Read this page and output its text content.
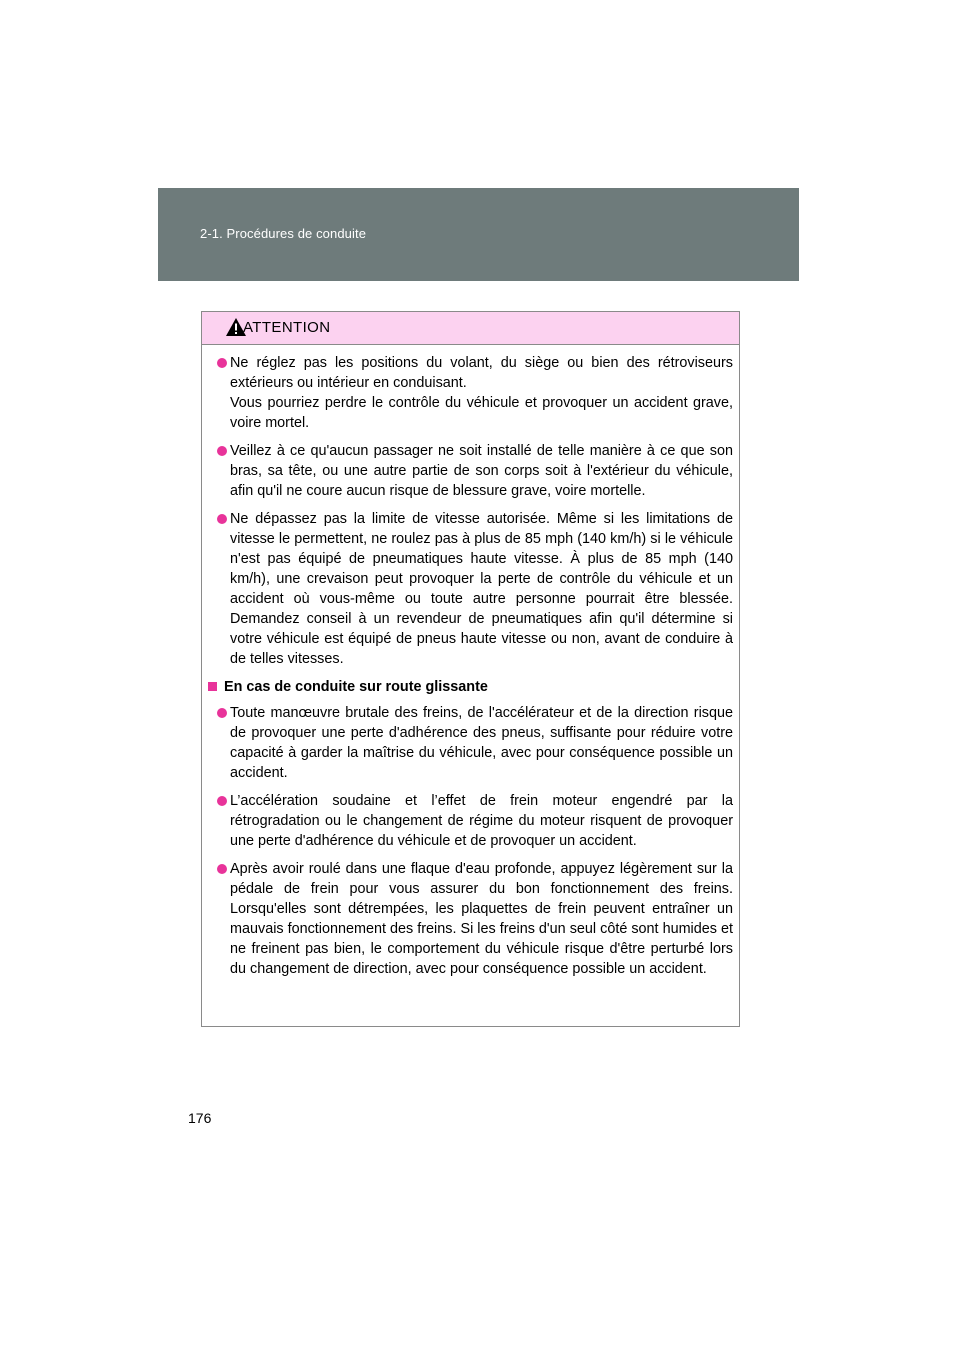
2-1. Procédures de conduite
ATTENTION
Ne réglez pas les positions du volant, du siège ou bien des rétroviseurs extérieurs ou intérieur en conduisant.
Vous pourriez perdre le contrôle du véhicule et provoquer un accident grave, voire mortel.
Veillez à ce qu'aucun passager ne soit installé de telle manière à ce que son bras, sa tête, ou une autre partie de son corps soit à l'extérieur du véhicule, afin qu'il ne coure aucun risque de blessure grave, voire mortelle.
Ne dépassez pas la limite de vitesse autorisée. Même si les limitations de vitesse le permettent, ne roulez pas à plus de 85 mph (140 km/h) si le véhicule n'est pas équipé de pneumatiques haute vitesse. À plus de 85 mph (140 km/h), une crevaison peut provoquer la perte de contrôle du véhicule et un accident où vous-même ou toute autre personne pourrait être blessée. Demandez conseil à un revendeur de pneumatiques afin qu'il détermine si votre véhicule est équipé de pneus haute vitesse ou non, avant de conduire à de telles vitesses.
En cas de conduite sur route glissante
Toute manœuvre brutale des freins, de l'accélérateur et de la direction risque de provoquer une perte d'adhérence des pneus, suffisante pour réduire votre capacité à garder la maîtrise du véhicule, avec pour conséquence possible un accident.
L’accélération soudaine et l’effet de frein moteur engendré par la rétrogradation ou le changement de régime du moteur risquent de provoquer une perte d'adhérence du véhicule et de provoquer un accident.
Après avoir roulé dans une flaque d'eau profonde, appuyez légèrement sur la pédale de frein pour vous assurer du bon fonctionnement des freins. Lorsqu'elles sont détrempées, les plaquettes de frein peuvent entraîner un mauvais fonctionnement des freins. Si les freins d'un seul côté sont humides et ne freinent pas bien, le comportement du véhicule risque d'être perturbé lors du changement de direction, avec pour conséquence possible un accident.
176
